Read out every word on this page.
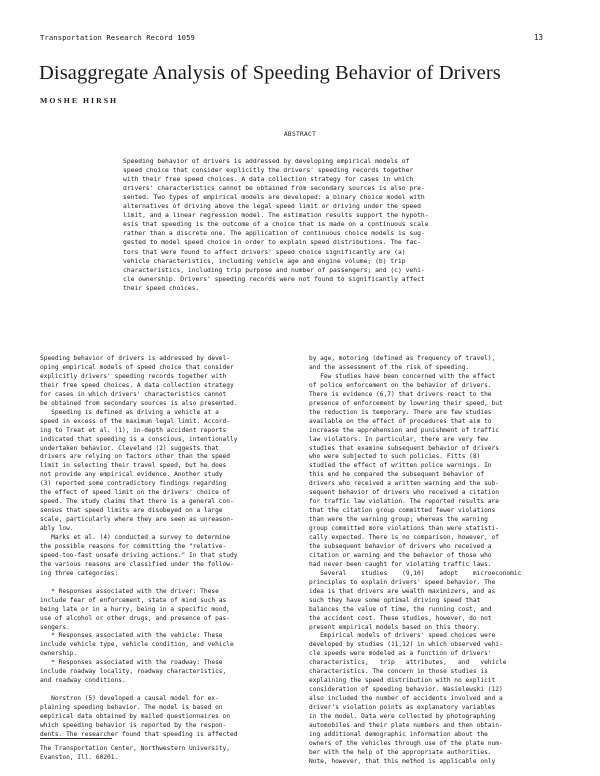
Transportation Research Record 1059	13
Disaggregate Analysis of Speeding Behavior of Drivers
MOSHE HIRSH
ABSTRACT
Speeding behavior of drivers is addressed by developing empirical models of
speed choice that consider explicitly the drivers' speeding records together
with their free speed choices. A data collection strategy for cases in which
drivers' characteristics cannot be obtained from secondary sources is also pre-
sented. Two types of empirical models are developed: a binary choice model with
alternatives of driving above the legal speed limit or driving under the speed
limit, and a linear regression model. The estimation results support the hypoth-
esis that speeding is the outcome of a choice that is made on a continuous scale
rather than a discrete one. The application of continuous choice models is sug-
gested to model speed choice in order to explain speed distributions. The fac-
tors that were found to affect drivers' speed choice significantly are (a)
vehicle characteristics, including vehicle age and engine volume; (b) trip
characteristics, including trip purpose and number of passengers; and (c) vehi-
cle ownership. Drivers' speeding records were not found to significantly affect
their speed choices.
Speeding behavior of drivers is addressed by devel-
oping empirical models of speed choice that consider
explicitly drivers' speeding records together with
their free speed choices. A data collection strategy
for cases in which drivers' characteristics cannot
be obtained from secondary sources is also presented.
Speeding is defined as driving a vehicle at a
speed in excess of the maximum legal limit. Accord-
ing to Treat et al. (1), in-depth accident reports
indicated that speeding is a conscious, intentionally
undertaken behavior. Cleveland (2) suggests that
drivers are relying on factors other than the speed
limit in selecting their travel speed, but he does
not provide any empirical evidence. Another study
(3) reported some contradictory findings regarding
the effect of speed limit on the drivers' choice of
speed. The study claims that there is a general con-
sensus that speed limits are disobeyed on a large
scale, particularly where they are seen as unreason-
ably low.
Marks et al. (4) conducted a survey to determine
the possible reasons for committing the "relative-
speed-too-fast unsafe driving actions." In that study
the various reasons are classified under the follow-
ing three categories:
* Responses associated with the driver: These
include fear of enforcement, state of mind such as
being late or in a hurry, being in a specific mood,
use of alcohol or other drugs, and presence of pas-
sengers.
* Responses associated with the vehicle: These
include vehicle type, vehicle condition, and vehicle
ownership.
* Responses associated with the roadway: These
include roadway locality, roadway characteristics,
and roadway conditions.
Norstron (5) developed a causal model for ex-
plaining speeding behavior. The model is based on
empirical data obtained by mailed questionnaires on
which speeding behavior is reported by the respon-
dents. The researcher found that speeding is affected
The Transportation Center, Northwestern University,
Evanston, Ill. 60201.
by age, motoring (defined as frequency of travel),
and the assessment of the risk of speeding.
Few studies have been concerned with the effect
of police enforcement on the behavior of drivers.
There is evidence (6,7) that drivers react to the
presence of enforcement by lowering their speed, but
the reduction is temporary. There are few studies
available on the effect of procedures that aim to
increase the apprehension and punishment of traffic
law violators. In particular, there are very few
studies that examine subsequent behavior of drivers
who were subjected to such policies. Fitts (8)
studied the effect of written police warnings. In
this end he compared the subsequent behavior of
drivers who received a written warning and the sub-
sequent behavior of drivers who received a citation
for traffic law violation. The reported results are
that the citation group committed fewer violations
than were the warning group; whereas the warning
group committed more violations than were statisti-
cally expected. There is no comparison, however, of
the subsequent behavior of drivers who received a
citation or warning and the behavior of those who
had never been caught for violating traffic laws.
Several    studies    (9,10)    adopt    microeconomic
principles to explain drivers' speed behavior. The
idea is that drivers are wealth maximizers, and as
such they have some optimal driving speed that
balances the value of time, the running cost, and
the accident cost. These studies, however, do not
present empirical models based on this theory.
Empirical models of drivers' speed choices were
developed by studies (11,12) in which observed vehi-
cle speeds were modeled as a function of drivers'
characteristics,   trip   attributes,   and   vehicle
characteristics. The concern in those studies is
explaining the speed distribution with no explicit
consideration of speeding behavior. Wasielewski (12)
also included the number of accidents involved and a
driver's violation points as explanatory variables
in the model. Data were collected by photographing
automobiles and their plate numbers and then obtain-
ing additional demographic information about the
owners of the vehicles through use of the plate num-
ber with the help of the appropriate authorities.
Note, however, that this method is applicable only
